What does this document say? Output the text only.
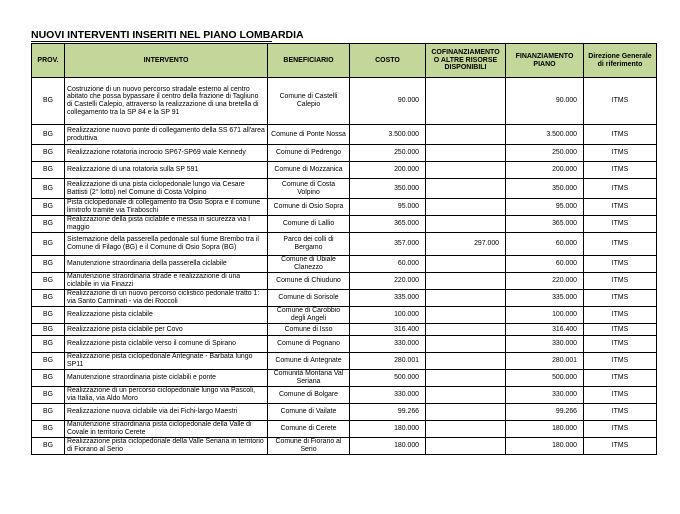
NUOVI INTERVENTI INSERITI NEL PIANO LOMBARDIA
PROV.	INTERVENTO	BENEFICIARIO	COSTO	COFINANZIAMENTO O ALTRE RISORSE DISPONIBILI	FINANZIAMENTO PIANO	Direzione Generale di riferimento
BG	Costruzione di un nuovo percorso stradale esterno al centro abitato che possa bypassare il centro della frazione di Tagliuno di Castelli Calepio, attraverso la realizzazione di una bretella di collegamento tra la SP 84 e la SP 91	Comune di Castelli Calepio	90.000		90.000	ITMS
BG	Realizzazione nuovo ponte di collegamento della SS 671 all'area produttiva	Comune di Ponte Nossa	3.500.000		3.500.000	ITMS
BG	Realizzazione rotatoria incrocio SP67-SP69 viale Kennedy	Comune di Pedrengo	250.000		250.000	ITMS
BG	Realizzazione di una rotatoria sulla SP 591	Comune di Mozzanica	200.000		200.000	ITMS
BG	Realizzazione di una pista ciclopedonale lungo via Cesare Battisti (2° lotto) nel Comune di Costa Volpino	Comune di Costa Volpino	350.000		350.000	ITMS
BG	Pista ciclopedonale di collegamento tra Osio Sopra e il comune limitrofo tramite via Tiraboschi	Comune di Osio Sopra	95.000		95.000	ITMS
BG	Realizzazione della pista ciclabile e messa in sicurezza via I maggio	Comune di Lallio	365.000		365.000	ITMS
BG	Sistemazione della passerella pedonale sul fiume Brembo tra il Comune di Filago (BG) e il Comune di Osio Sopra (BG)	Parco dei colli di Bergamo	357.000	297.000	60.000	ITMS
BG	Manutenzione straordinaria della passerella ciclabile	Comune di Ubiale Clanezzo	60.000		60.000	ITMS
BG	Manutenzione straordinaria strade e realizzazione di una ciclabile in via Finazzi	Comune di Chiuduno	220.000		220.000	ITMS
BG	Realizzazione di un nuovo percorso ciclistico pedonale tratto 1: via Santo Carminati - via dei Roccoli	Comune di Sorisole	335.000		335.000	ITMS
BG	Realizzazione pista ciclabile	Comune di Carobbio degli Angeli	100.000		100.000	ITMS
BG	Realizzazione pista ciclabile per Covo	Comune di Isso	316.400		316.400	ITMS
BG	Realizzazione pista ciclabile verso il comune di Spirano	Comune di Pognano	330.000		330.000	ITMS
BG	Realizzazione pista ciclopedonale Antegnate - Barbata lungo SP11	Comune di Antegnate	280.001		280.001	ITMS
BG	Manutenzione straordinaria piste ciclabili e ponte	Comunità Montana Val Seriana	500.000		500.000	ITMS
BG	Realizzazione di un percorso ciclopedonale lungo via Pascoli, via Italia, via Aldo Moro	Comune di Bolgare	330.000		330.000	ITMS
BG	Realizzazione nuova ciclabile via dei Fichi-largo Maestri	Comune di Vailate	99.266		99.266	ITMS
BG	Manutenzione straordinaria pista ciclopedonale della Valle di Covale in territorio Cerete	Comune di Cerete	180.000		180.000	ITMS
BG	Realizzazione pista ciclopedonale della Valle Seriana in territorio di Fiorano al Serio	Comune di Fiorano al Serio	180.000		180.000	ITMS
